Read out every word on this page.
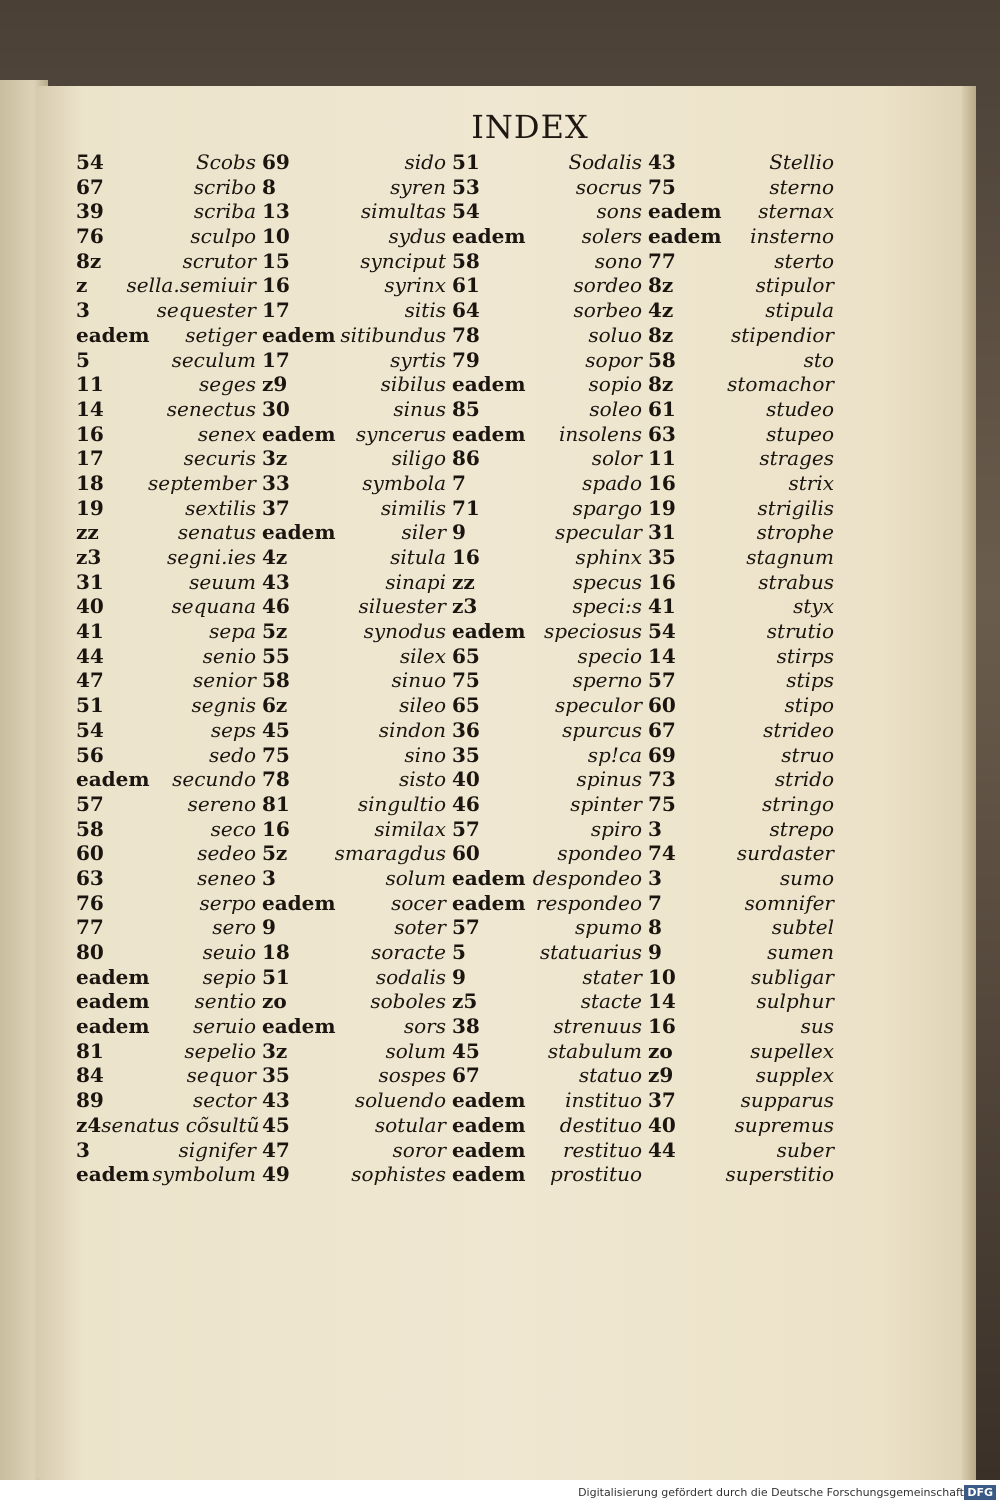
INDEX
54	Scobs
67	scribo
39	scriba
76	sculpo
8z	scrutor
z sella.semiuir
3	sequester
eadem setiger
5	seculum
11	seges
14	senectus
16	senex
17	securis
18 september
19	sextilis
zz	senatus
z3	segni.ies
31	seuum
40	sequana
41	sepa
44	senio
47	senior
51	segnis
54	seps
56	sedo
eadem secundo
57	sereno
58	seco
60	sedeo
63	seneo
76	serpo
77	sero
80	seuio
eadem	sepio
eadem sentio
eadem seruio
81	sepelio
84	sequor
89	sector
z4 senatus cõsultũ
3	signifer
eadem symbolum
69	sido
8	syren
13	simultas
10	sydus
15	synciput
16	syrinx
17	sitis
eadem sitibundus
17	syrtis
z9	sibilus
30	sinus
eadem syncerus
3z	siligo
33	symbola
37	similis
eadem	siler
4z	situla
43	sinapi
46	siluester
5z	synodus
55	silex
58	sinuo
6z	sileo
45	sindon
75	sino
78	sisto
81	singultio
16	similax
5z smaragdus
3	solum
eadem	socer
9	soter
18	soracte
51	sodalis
zo	soboles
eadem	sors
3z	solum
35	sospes
43	soluendo
45	sotular
47	soror
49	sophistes
51	Sodalis
53	socrus
54	sons
eadem	solers
58	sono
61	sordeo
64	sorbeo
78	soluo
79	sopor
eadem	sopio
85	soleo
eadem insolens
86	solor
7	spado
71	spargo
9	specular
16	sphinx
zz	specus
z3	speci:s
eadem speciosus
65	specio
75	sperno
65	speculor
36	spurcus
35	sp!ca
40	spinus
46	spinter
57	spiro
60	spondeo
eadem despondeo
eadem respondeo
57	spumo
5	statuarius
9	stater
z5	stacte
38	strenuus
45	stabulum
67	statuo
eadem instituo
eadem destituo
eadem restituo
eadem prostituo
43	Stellio
75	sterno
eadem sternax
eadem insterno
77	sterto
8z	stipulor
4z	stipula
8z	stipendior
58	sto
8z	stomachor
61	studeo
63	stupeo
11	strages
16	strix
19	strigilis
31	strophe
35	stagnum
16	strabus
41	styx
54	strutio
14	stirps
57	stips
60	stipo
67	strideo
69	struo
73	strido
75	stringo
3	strepo
74	surdaster
3	sumo
7	somnifer
8	subtel
9	sumen
10	subligar
14	sulphur
16	sus
zo	supellex
z9	supplex
37	supparus
40	supremus
44	suber
superstitio
Digitalisierung gefördert durch die Deutsche Forschungsgemeinschaft DFG
